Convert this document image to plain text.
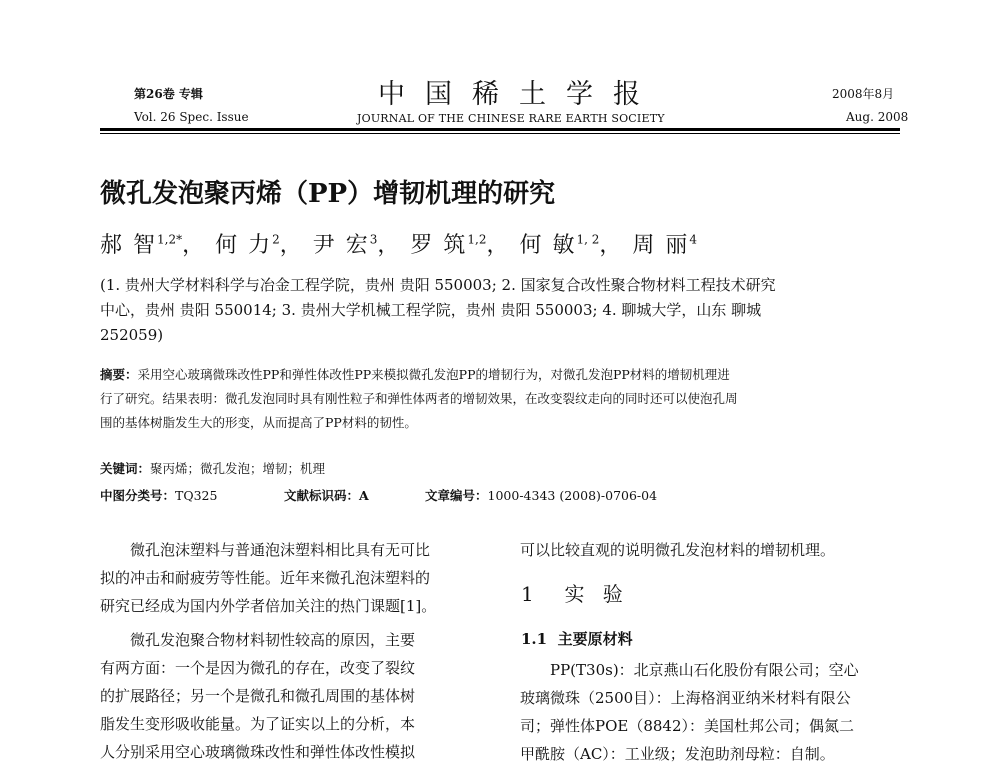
第26卷 专辑	中国稀土学报	2008年8月
Vol. 26 Spec. Issue	JOURNAL OF THE CHINESE RARE EARTH SOCIETY	Aug. 2008
微孔发泡聚丙烯（PP）增韧机理的研究
郝 智$^{1,2*}$， 何 力$^2$， 尹 宏$^3$， 罗 筑$^{1,2}$， 何 敏$^{1, 2}$， 周 丽$^4$
(1. 贵州大学材料科学与冶金工程学院，贵州 贵阳 550003; 2. 国家复合改性聚合物材料工程技术研究
中心，贵州 贵阳 550014; 3. 贵州大学机械工程学院，贵州 贵阳 550003; 4. 聊城大学，山东 聊城
252059)
摘要：采用空心玻璃微珠改性PP和弹性体改性PP来模拟微孔发泡PP的增韧行为，对微孔发泡PP材料的增韧机理进
行了研究。结果表明：微孔发泡同时具有刚性粒子和弹性体两者的增韧效果，在改变裂纹走向的同时还可以使泡孔周
围的基体树脂发生大的形变，从而提高了PP材料的韧性。
关键词：聚丙烯；微孔发泡；增韧；机理
中图分类号：TQ325	文献标识码：A	文章编号：1000-4343 (2008)-0706-04
微孔泡沫塑料与普通泡沫塑料相比具有无可比
拟的冲击和耐疲劳等性能。近年来微孔泡沫塑料的
研究已经成为国内外学者倍加关注的热门课题[1]。
微孔发泡聚合物材料韧性较高的原因，主要
有两方面：一个是因为微孔的存在，改变了裂纹
的扩展路径；另一个是微孔和微孔周围的基体树
脂发生变形吸收能量。为了证实以上的分析，本
人分别采用空心玻璃微珠改性和弹性体改性模拟
可以比较直观的说明微孔发泡材料的增韧机理。
1 实 验
1.1 主要原材料
PP(T30s)：北京燕山石化股份有限公司；空心
玻璃微珠（2500目）：上海格润亚纳米材料有限公
司；弹性体POE（8842）：美国杜邦公司；偶氮二
甲酰胺（AC）：工业级；发泡助剂母粒：自制。
